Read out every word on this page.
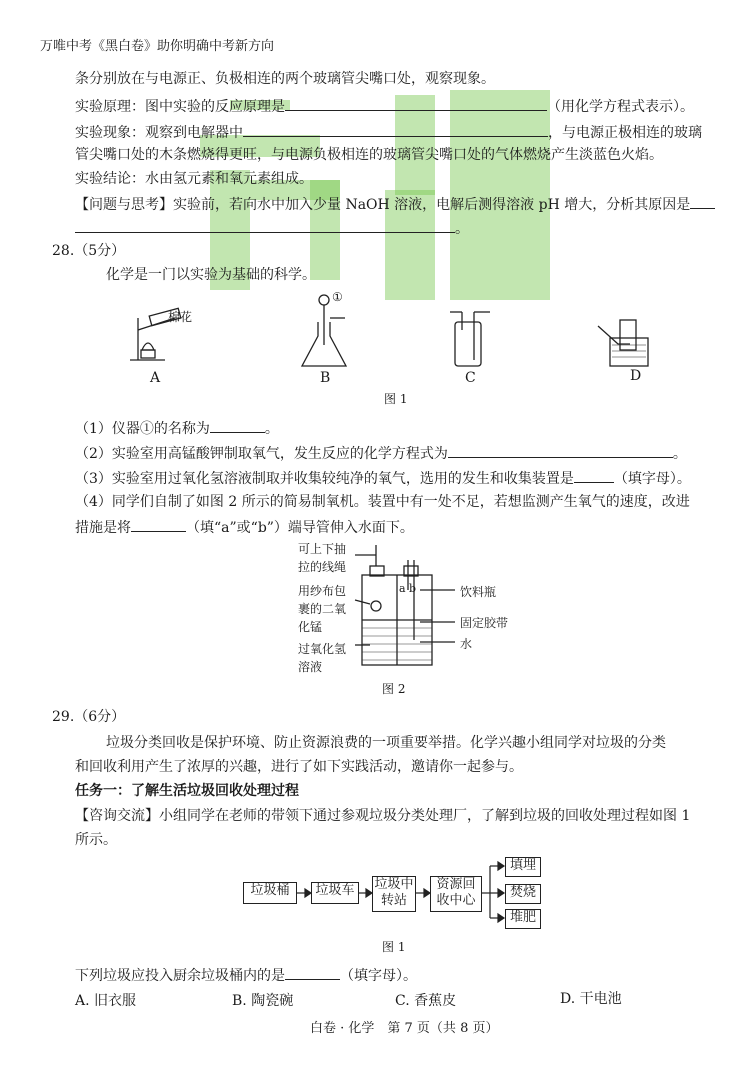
万唯中考《黑白卷》助你明确中考新方向
条分别放在与电源正、负极相连的两个玻璃管尖嘴口处，观察现象。
实验原理：图中实验的反应原理是	（用化学方程式表示）。
实验现象：观察到电解器中	，与电源正极相连的玻璃
管尖嘴口处的木条燃烧得更旺，与电源负极相连的玻璃管尖嘴口处的气体燃烧产生淡蓝色火焰。
实验结论：水由氢元素和氧元素组成。
【问题与思考】实验前，若向水中加入少量 NaOH 溶液，电解后测得溶液 pH 增大，分析其原因是
。
28.（5分）
化学是一门以实验为基础的科学。
棉花
①
A	B	C	D
图 1
（1）仪器①的名称为	。
（2）实验室用高锰酸钾制取氧气，发生反应的化学方程式为	。
（3）实验室用过氧化氢溶液制取并收集较纯净的氧气，选用的发生和收集装置是	（填字母）。
（4）同学们自制了如图 2 所示的简易制氧机。装置中有一处不足，若想监测产生氧气的速度，改进
措施是将	（填“a”或“b”）端导管伸入水面下。
可上下抽
拉的线绳
用纱布包
裹的二氧
化锰
过氧化氢
溶液
a b	饮料瓶
固定胶带
水
图 2
29.（6分）
垃圾分类回收是保护环境、防止资源浪费的一项重要举措。化学兴趣小组同学对垃圾的分类
和回收利用产生了浓厚的兴趣，进行了如下实践活动，邀请你一起参与。
任务一：了解生活垃圾回收处理过程
【咨询交流】小组同学在老师的带领下通过参观垃圾分类处理厂，了解到垃圾的回收处理过程如图 1
所示。
垃圾桶	垃圾车	垃圾中转站
资源回收中心
填埋
焚烧
堆肥
图 1
下列垃圾应投入厨余垃圾桶内的是	（填字母）。
A. 旧衣服	B. 陶瓷碗	C. 香蕉皮	D. 干电池
白卷 · 化学　第 7 页（共 8 页）
